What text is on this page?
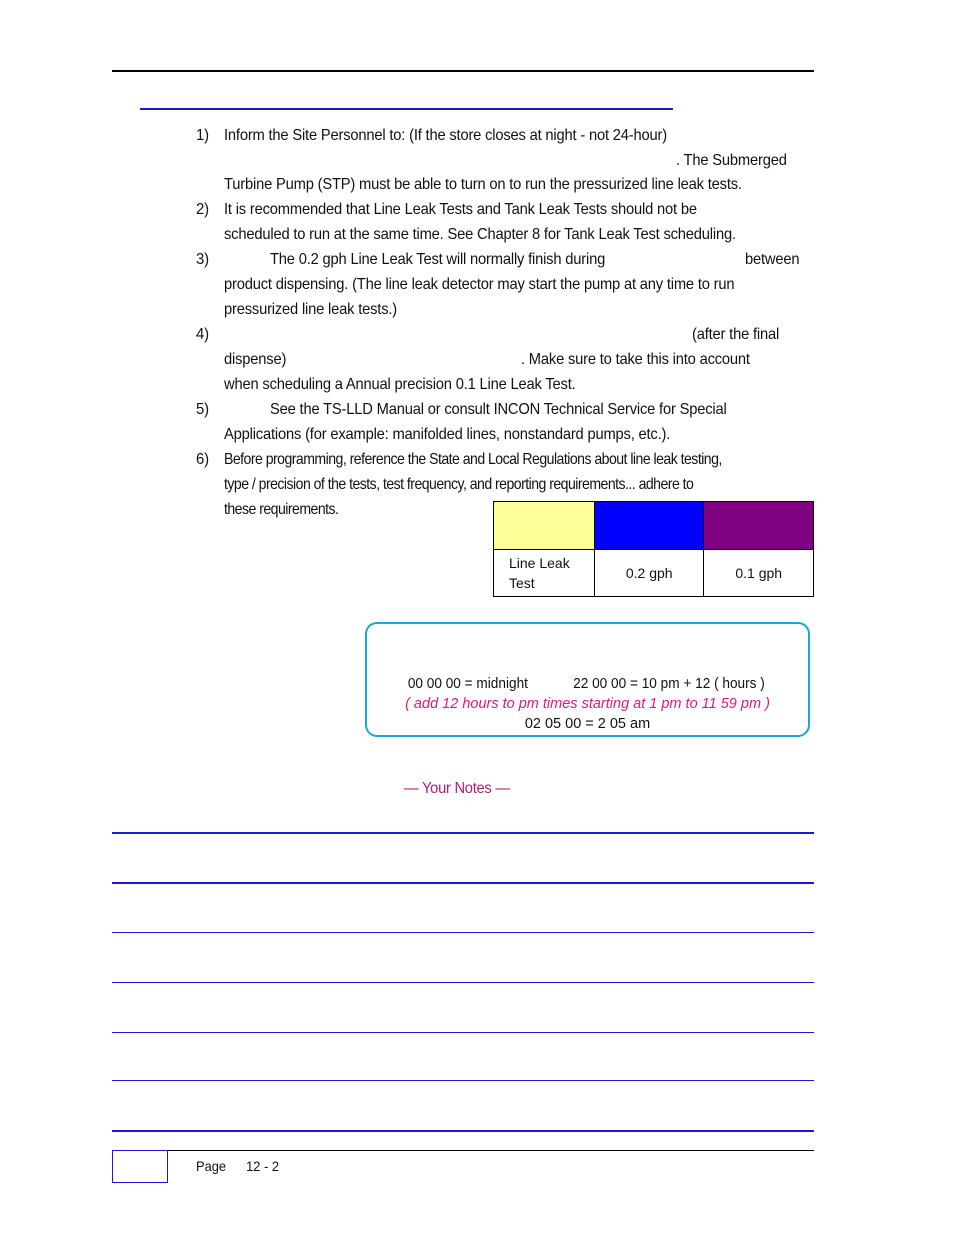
1) Inform the Site Personnel to: (If the store closes at night - not 24-hour)
. The Submerged
Turbine Pump (STP) must be able to turn on to run the pressurized line leak tests.
2) It is recommended that Line Leak Tests and Tank Leak Tests should not be
scheduled to run at the same time. See Chapter 8 for Tank Leak Test scheduling.
3)	The 0.2 gph Line Leak Test will normally finish during	between
product dispensing. (The line leak detector may start the pump at any time to run
pressurized line leak tests.)
4)	(after the final
dispense)	. Make sure to take this into account
when scheduling a Annual precision 0.1 Line Leak Test.
5)	See the TS-LLD Manual or consult INCON Technical Service for Special
Applications (for example: manifolded lines, nonstandard pumps, etc.).
6) Before programming, reference the State and Local Regulations about line leak testing,
type / precision of the tests, test frequency, and reporting requirements... adhere to
these requirements.

Line Leak Test	0.2 gph	0.1 gph
00 00 00 = midnight	22 00 00 = 10 pm + 12 ( hours )
( add 12 hours to pm times starting at 1 pm to 11 59 pm )
02 05 00 = 2 05 am
— Your Notes —
Page 12 - 2
